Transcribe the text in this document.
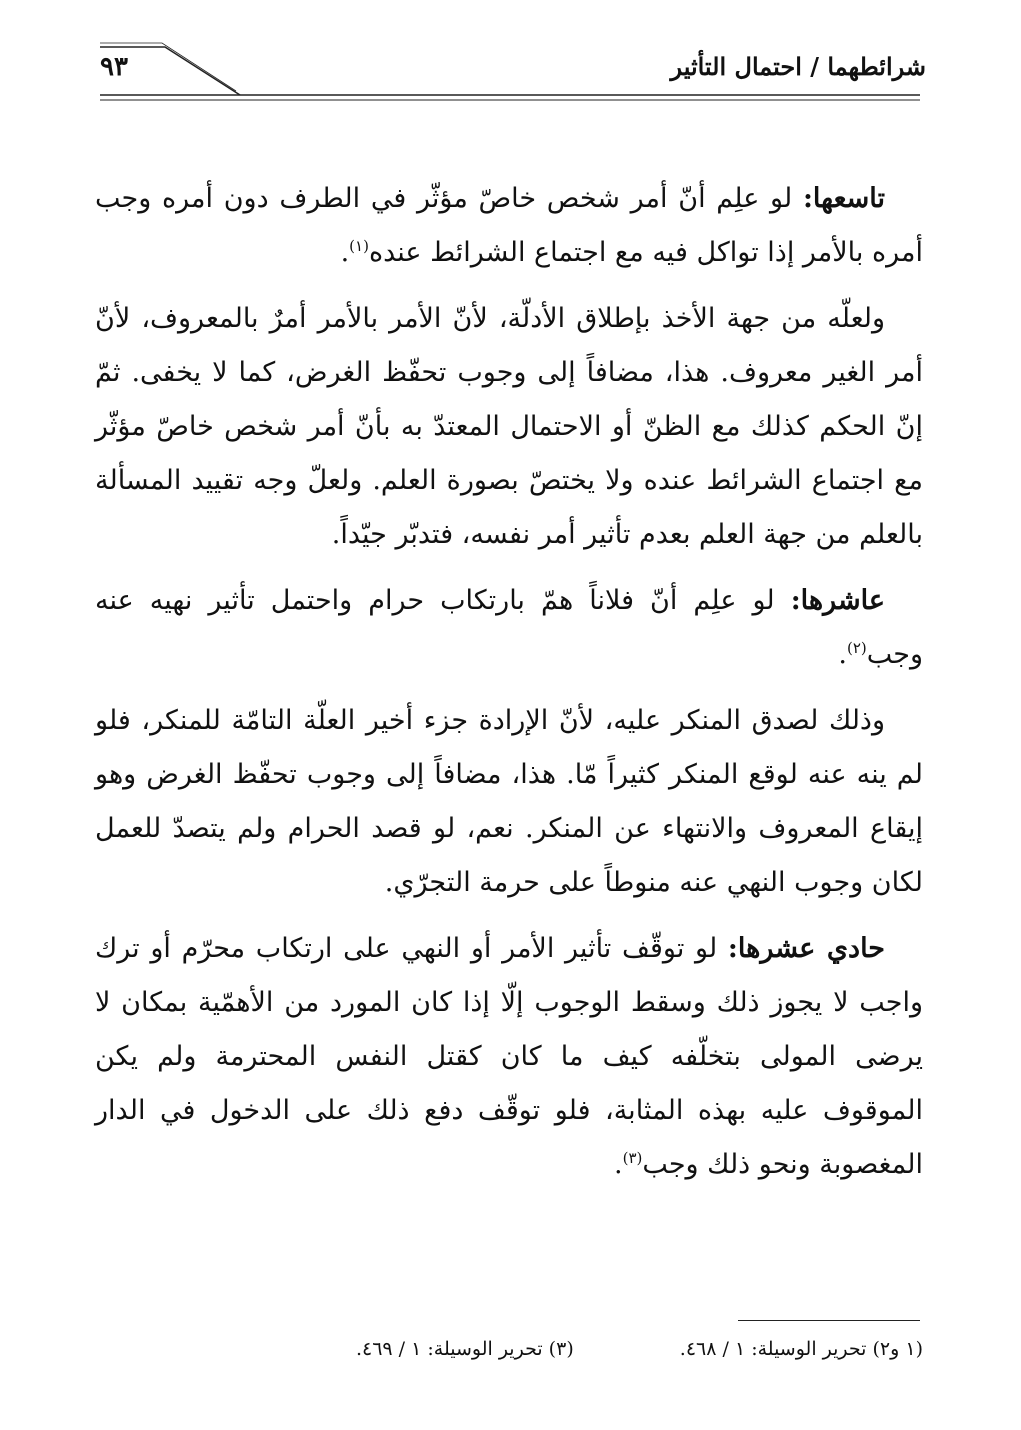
شرائطهما / احتمال التأثير
٩٣

تاسعها: لو علِم أنّ أمر شخص خاصّ مؤثّر في الطرف دون أمره وجب أمره بالأمر إذا تواكل فيه مع اجتماع الشرائط عنده$^{(١)}$.

ولعلّه من جهة الأخذ بإطلاق الأدلّة، لأنّ الأمر بالأمر أمرٌ بالمعروف، لأنّ أمر الغير معروف. هذا، مضافاً إلى وجوب تحفّظ الغرض، كما لا يخفى. ثمّ إنّ الحكم كذلك مع الظنّ أو الاحتمال المعتدّ به بأنّ أمر شخص خاصّ مؤثّر مع اجتماع الشرائط عنده ولا يختصّ بصورة العلم. ولعلّ وجه تقييد المسألة بالعلم من جهة العلم بعدم تأثير أمر نفسه، فتدبّر جيّداً.

عاشرها: لو علِم أنّ فلاناً همّ بارتكاب حرام واحتمل تأثير نهيه عنه وجب$^{(٢)}$.

وذلك لصدق المنكر عليه، لأنّ الإرادة جزء أخير العلّة التامّة للمنكر، فلو لم ينه عنه لوقع المنكر كثيراً مّا. هذا، مضافاً إلى وجوب تحفّظ الغرض وهو إيقاع المعروف والانتهاء عن المنكر. نعم، لو قصد الحرام ولم يتصدّ للعمل لكان وجوب النهي عنه منوطاً على حرمة التجرّي.

حادي عشرها: لو توقّف تأثير الأمر أو النهي على ارتكاب محرّم أو ترك واجب لا يجوز ذلك وسقط الوجوب إلّا إذا كان المورد من الأهمّية بمكان لا يرضى المولى بتخلّفه كيف ما كان كقتل النفس المحترمة ولم يكن الموقوف عليه بهذه المثابة، فلو توقّف دفع ذلك على الدخول في الدار المغصوبة ونحو ذلك وجب$^{(٣)}$.

(١ و٢) تحرير الوسيلة: ١ / ٤٦٨. (٣) تحرير الوسيلة: ١ / ٤٦٩.
